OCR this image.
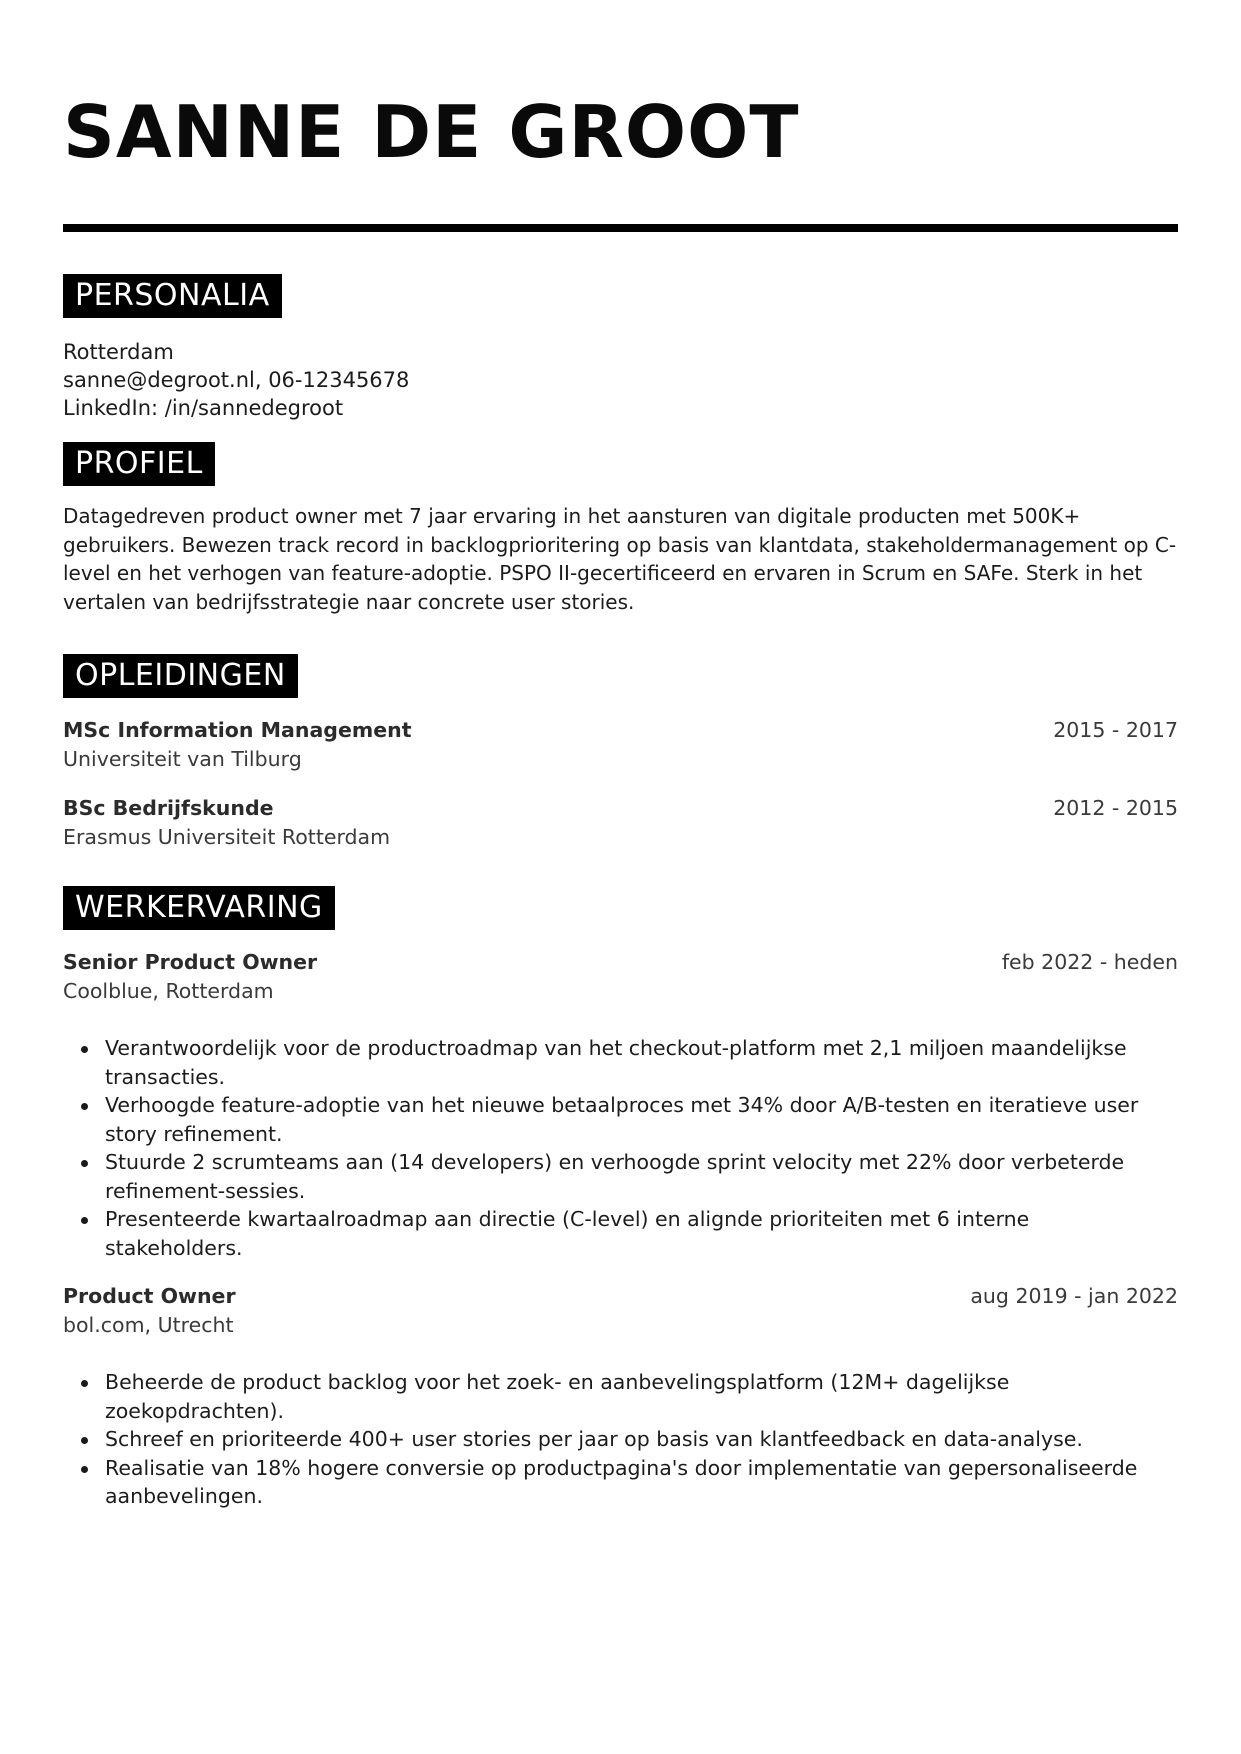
SANNE DE GROOT
PERSONALIA
Rotterdam
sanne@degroot.nl, 06-12345678
LinkedIn: /in/sannedegroot
PROFIEL
Datagedreven product owner met 7 jaar ervaring in het aansturen van digitale producten met 500K+ gebruikers. Bewezen track record in backlogprioritering op basis van klantdata, stakeholdermanagement op C-level en het verhogen van feature-adoptie. PSPO II-gecertificeerd en ervaren in Scrum en SAFe. Sterk in het vertalen van bedrijfsstrategie naar concrete user stories.
OPLEIDINGEN
MSc Information Management	2015 - 2017
Universiteit van Tilburg
BSc Bedrijfskunde	2012 - 2015
Erasmus Universiteit Rotterdam
WERKERVARING
Senior Product Owner	feb 2022 - heden
Coolblue, Rotterdam
Verantwoordelijk voor de productroadmap van het checkout-platform met 2,1 miljoen maandelijkse transacties.
Verhoogde feature-adoptie van het nieuwe betaalproces met 34% door A/B-testen en iteratieve user story refinement.
Stuurde 2 scrumteams aan (14 developers) en verhoogde sprint velocity met 22% door verbeterde refinement-sessies.
Presenteerde kwartaalroadmap aan directie (C-level) en alignde prioriteiten met 6 interne stakeholders.
Product Owner	aug 2019 - jan 2022
bol.com, Utrecht
Beheerde de product backlog voor het zoek- en aanbevelingsplatform (12M+ dagelijkse zoekopdrachten).
Schreef en prioriteerde 400+ user stories per jaar op basis van klantfeedback en data-analyse.
Realisatie van 18% hogere conversie op productpagina's door implementatie van gepersonaliseerde aanbevelingen.
